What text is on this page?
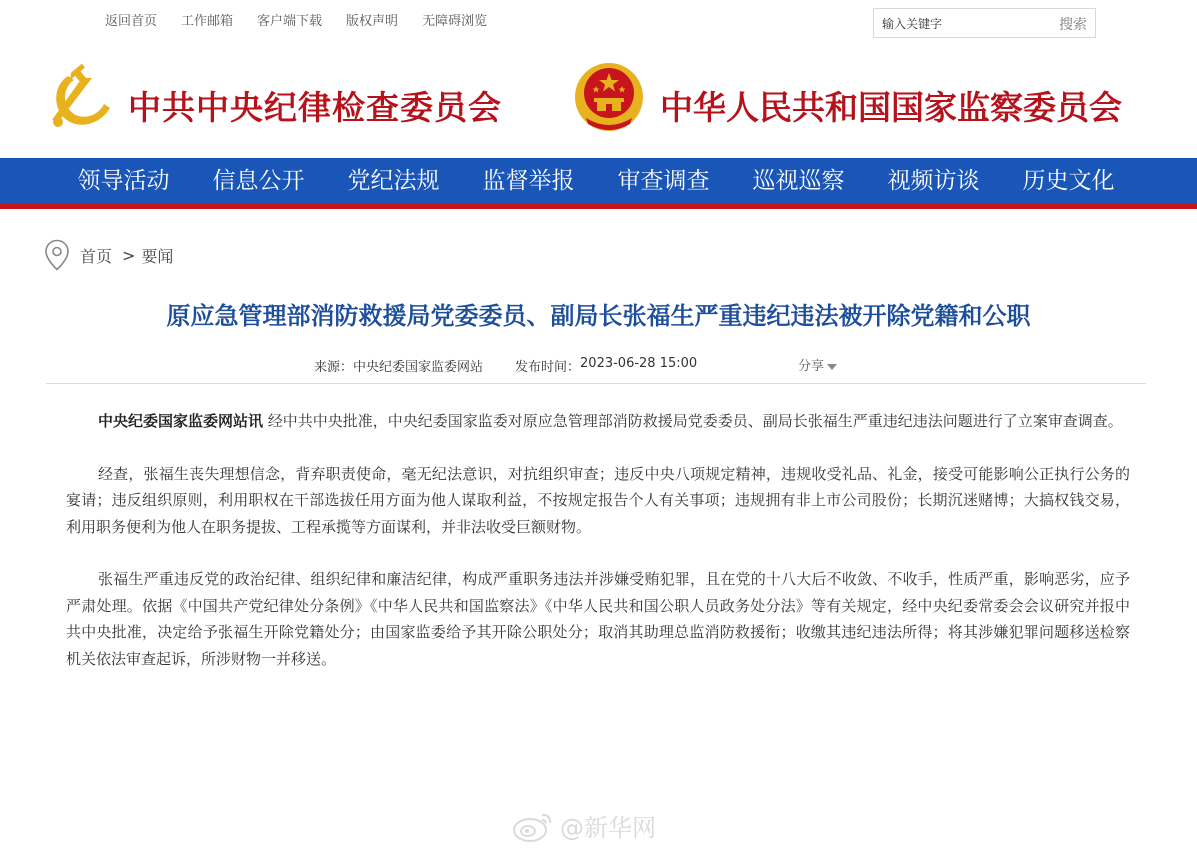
返回首页 工作邮箱 客户端下载 版权声明 无障碍浏览
输入关键字	搜索
中共中央纪律检查委员会	中华人民共和国国家监察委员会
领导活动	信息公开	党纪法规	监督举报	审查调查	巡视巡察	视频访谈	历史文化
首页 > 要闻
原应急管理部消防救援局党委委员、副局长张福生严重违纪违法被开除党籍和公职
来源：中央纪委国家监委网站 发布时间： 2023-06-28 15:00	分享

中央纪委国家监委网站讯 经中共中央批准，中央纪委国家监委对原应急管理部消防救援局党委委员、副局长张福生严重违纪违法问题进行了立案审查调查。

经查，张福生丧失理想信念，背弃职责使命，毫无纪法意识，对抗组织审查；违反中央八项规定精神，违规收受礼品、礼金，接受可能影响公正执行公务的宴请；违反组织原则，利用职权在干部选拔任用方面为他人谋取利益，不按规定报告个人有关事项；违规拥有非上市公司股份；长期沉迷赌博；大搞权钱交易，利用职务便利为他人在职务提拔、工程承揽等方面谋利，并非法收受巨额财物。

张福生严重违反党的政治纪律、组织纪律和廉洁纪律，构成严重职务违法并涉嫌受贿犯罪，且在党的十八大后不收敛、不收手，性质严重，影响恶劣，应予严肃处理。依据《中国共产党纪律处分条例》《中华人民共和国监察法》《中华人民共和国公职人员政务处分法》等有关规定，经中央纪委常委会会议研究并报中共中央批准，决定给予张福生开除党籍处分；由国家监委给予其开除公职处分；取消其助理总监消防救援衔；收缴其违纪违法所得；将其涉嫌犯罪问题移送检察机关依法审查起诉，所涉财物一并移送。

@新华网
